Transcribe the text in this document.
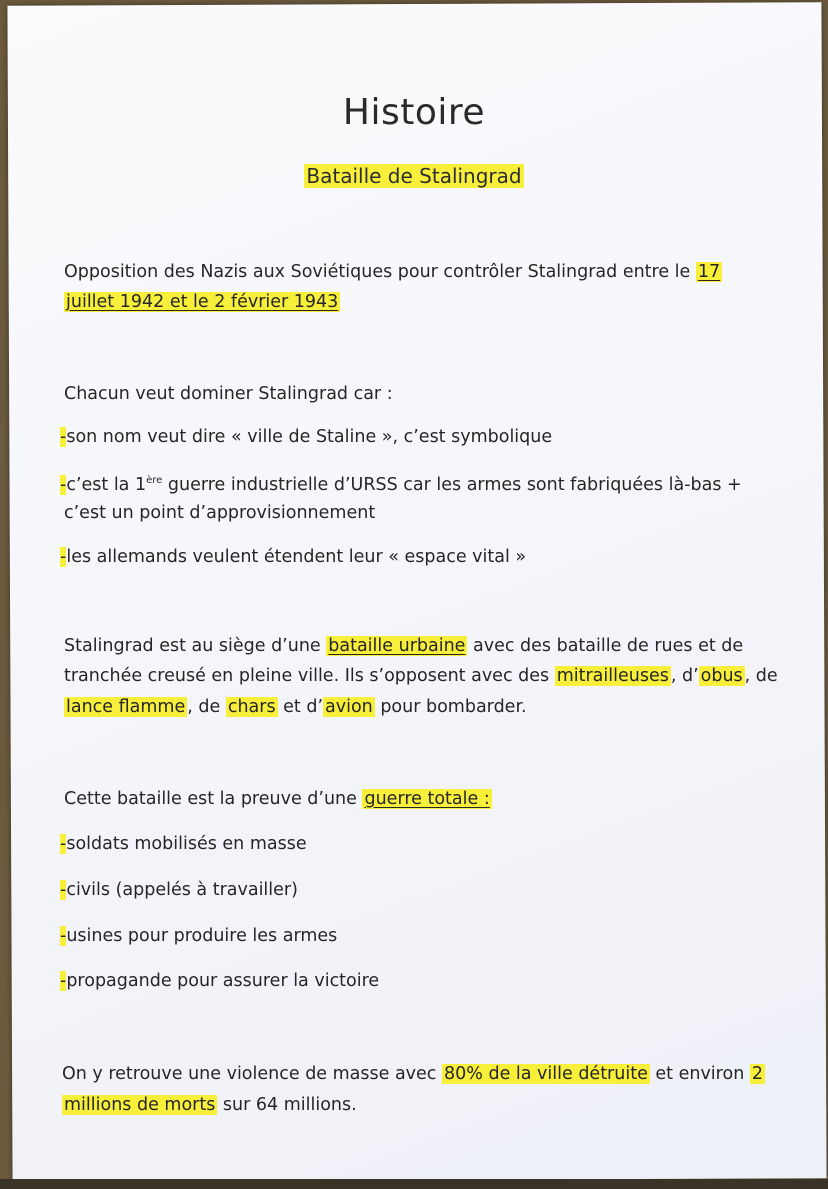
Histoire
Bataille de Stalingrad
Opposition des Nazis aux Soviétiques pour contrôler Stalingrad entre le 17
juillet 1942 et le 2 février 1943
Chacun veut dominer Stalingrad car :
-son nom veut dire « ville de Staline », c’est symbolique
-c’est la 1ère guerre industrielle d’URSS car les armes sont fabriquées là-bas +
c’est un point d’approvisionnement
-les allemands veulent étendent leur « espace vital »
Stalingrad est au siège d’une bataille urbaine avec des bataille de rues et de
tranchée creusé en pleine ville. Ils s’opposent avec des mitrailleuses , d’ obus , de
lance flamme , de chars et d’ avion pour bombarder.
Cette bataille est la preuve d’une guerre totale :
-soldats mobilisés en masse
-civils (appelés à travailler)
-usines pour produire les armes
-propagande pour assurer la victoire
On y retrouve une violence de masse avec 80% de la ville détruite et environ 2
millions de morts sur 64 millions.
